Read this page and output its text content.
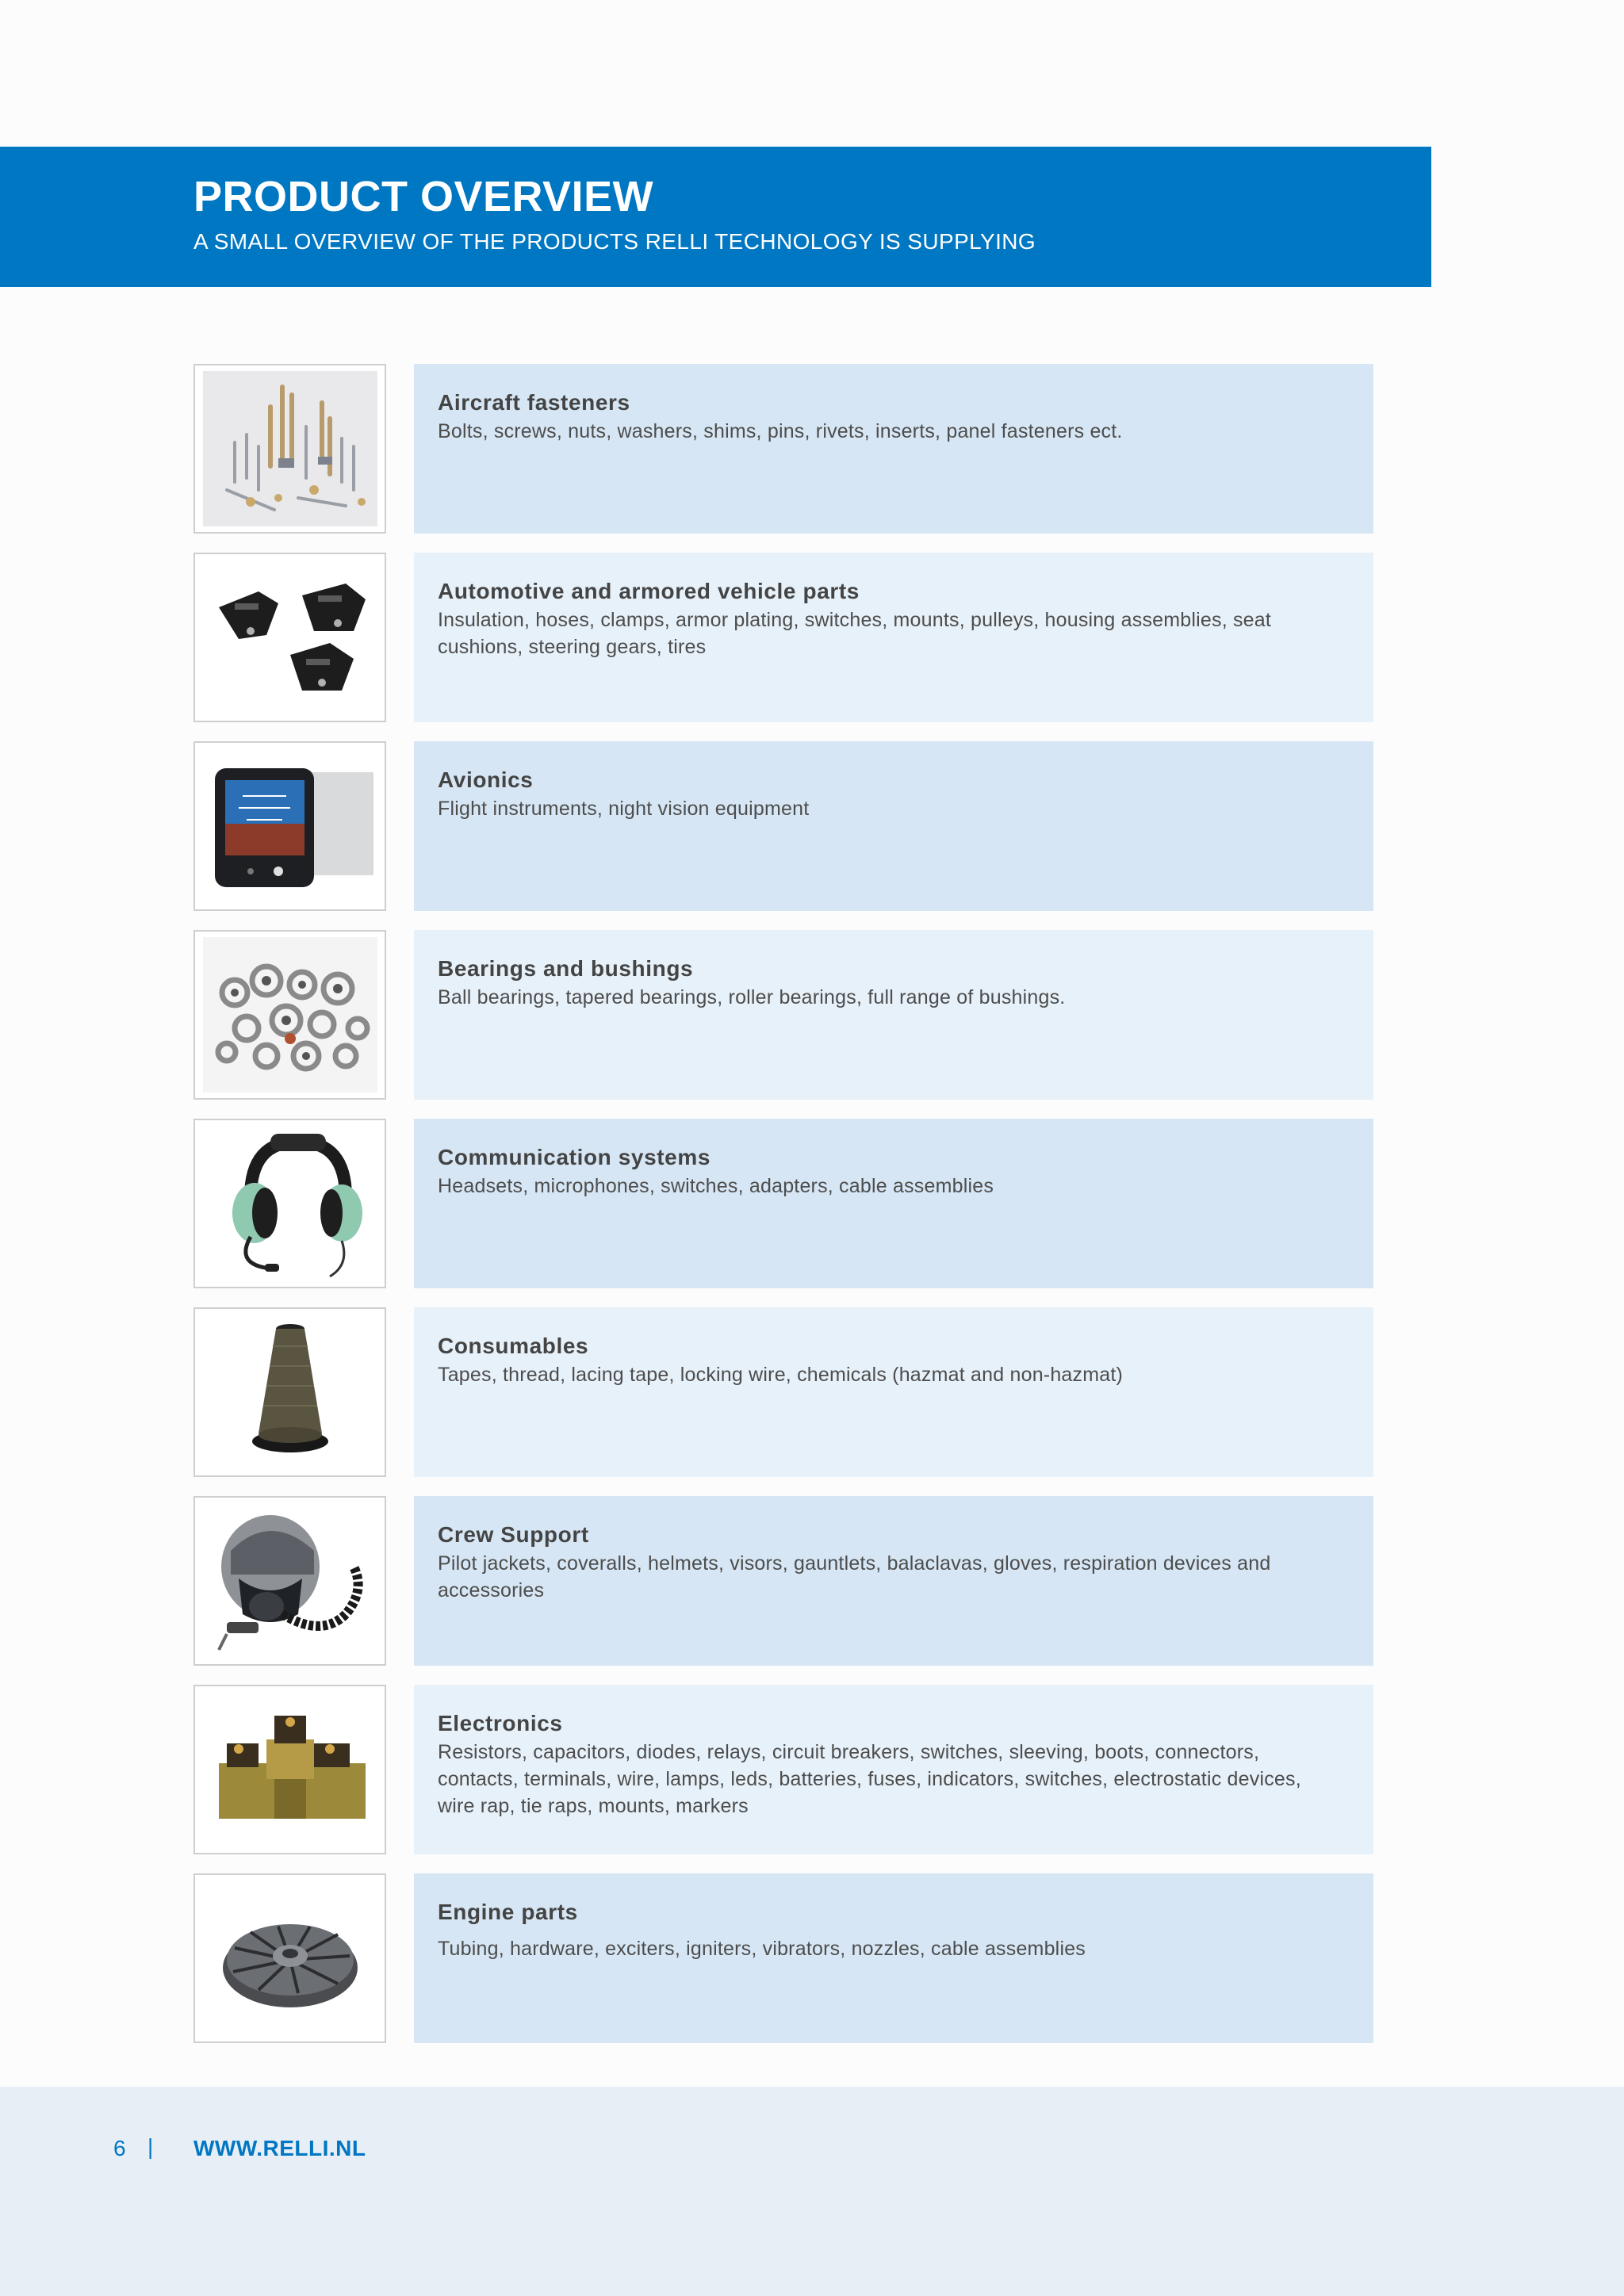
PRODUCT OVERVIEW
A SMALL OVERVIEW OF THE PRODUCTS RELLI TECHNOLOGY IS SUPPLYING
Aircraft fasteners
Bolts, screws, nuts, washers, shims, pins, rivets, inserts, panel fasteners ect.
Automotive and armored vehicle parts
Insulation, hoses, clamps, armor plating, switches, mounts, pulleys, housing assemblies, seat cushions, steering gears, tires
Avionics
Flight instruments, night vision equipment
Bearings and bushings
Ball bearings, tapered bearings, roller bearings, full range of bushings.
Communication systems
Headsets, microphones, switches, adapters, cable assemblies
Consumables
Tapes, thread, lacing tape, locking wire, chemicals (hazmat and non-hazmat)
Crew Support
Pilot jackets, coveralls, helmets, visors, gauntlets, balaclavas, gloves, respiration devices and accessories
Electronics
Resistors, capacitors, diodes, relays, circuit breakers, switches, sleeving, boots, connectors, contacts, terminals, wire, lamps, leds, batteries, fuses, indicators, switches, electrostatic devices, wire rap, tie raps, mounts, markers
Engine parts
Tubing, hardware, exciters, igniters, vibrators, nozzles, cable assemblies
6 | WWW.RELLI.NL
